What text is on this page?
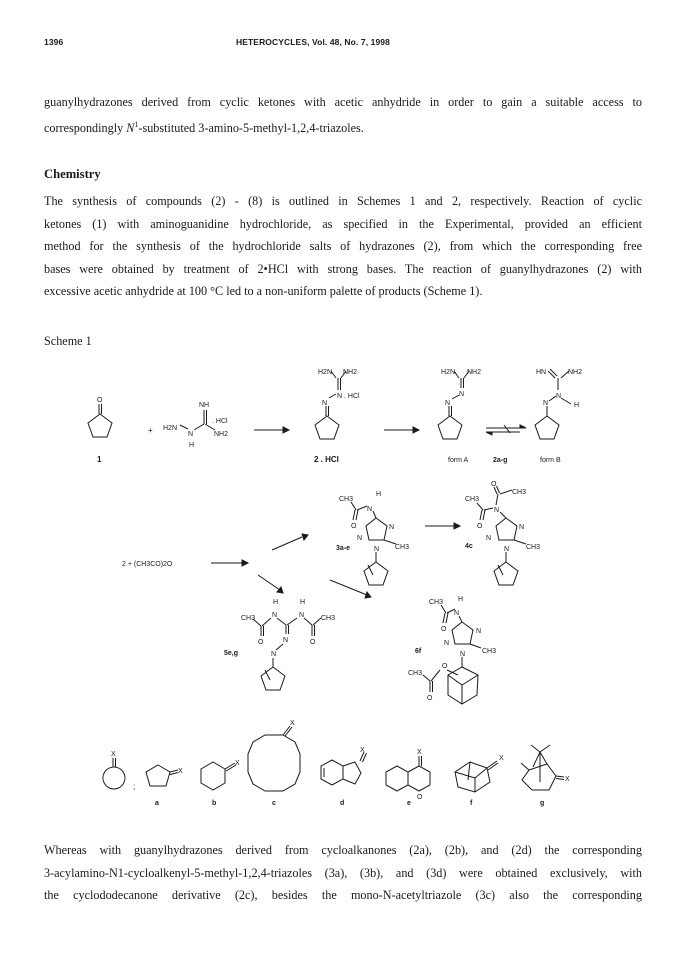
1396	HETEROCYCLES, Vol. 48, No. 7, 1998
guanylhydrazones derived from cyclic ketones with acetic anhydride in order to gain a suitable access to
correspondingly $N^1$-substituted 3-amino-5-methyl-1,2,4-triazoles.
Chemistry
The synthesis of compounds (2) - (8) is outlined in Schemes 1 and 2, respectively. Reaction of cyclic
ketones (1) with aminoguanidine hydrochloride, as specified in the Experimental, provided an efficient
method for the synthesis of the hydrochloride salts of hydrazones (2), from which the corresponding free
bases were obtained by treatment of 2•HCl with strong bases. The reaction of guanylhydrazones (2) with
excessive acetic anhydride at 100 °C led to a non-uniform palette of products (Scheme 1).
Scheme 1
O
1
+ H2N
N
H
NH
NH2
. HCl
H2N NH2
N . HCl
N
2 . HCl
H2N NH2
N
N
form A	2a-g
HN	NH2
N
H
N
form B
2 + (CH3CO)2O
CH3
H
N
O	N
N
N CH3
3a-e
O
CH3
CH3
N
O	N
N
N CH3
4c
H	H
CH3 N	N CH3
O	N	O
N
5e,g
CH3 H
N
O	N
N
N CH3
O
CH3
O
6f
X
;
X
a
X
b
X
c
X
d
X
O
e
X
f
X
g
Whereas with guanylhydrazones derived from cycloalkanones (2a), (2b), and (2d) the corresponding
3-acylamino-N1-cycloalkenyl-5-methyl-1,2,4-triazoles (3a), (3b), and (3d) were obtained exclusively, with
the cyclododecanone derivative (2c), besides the mono-N-acetyltriazole (3c) also the corresponding
